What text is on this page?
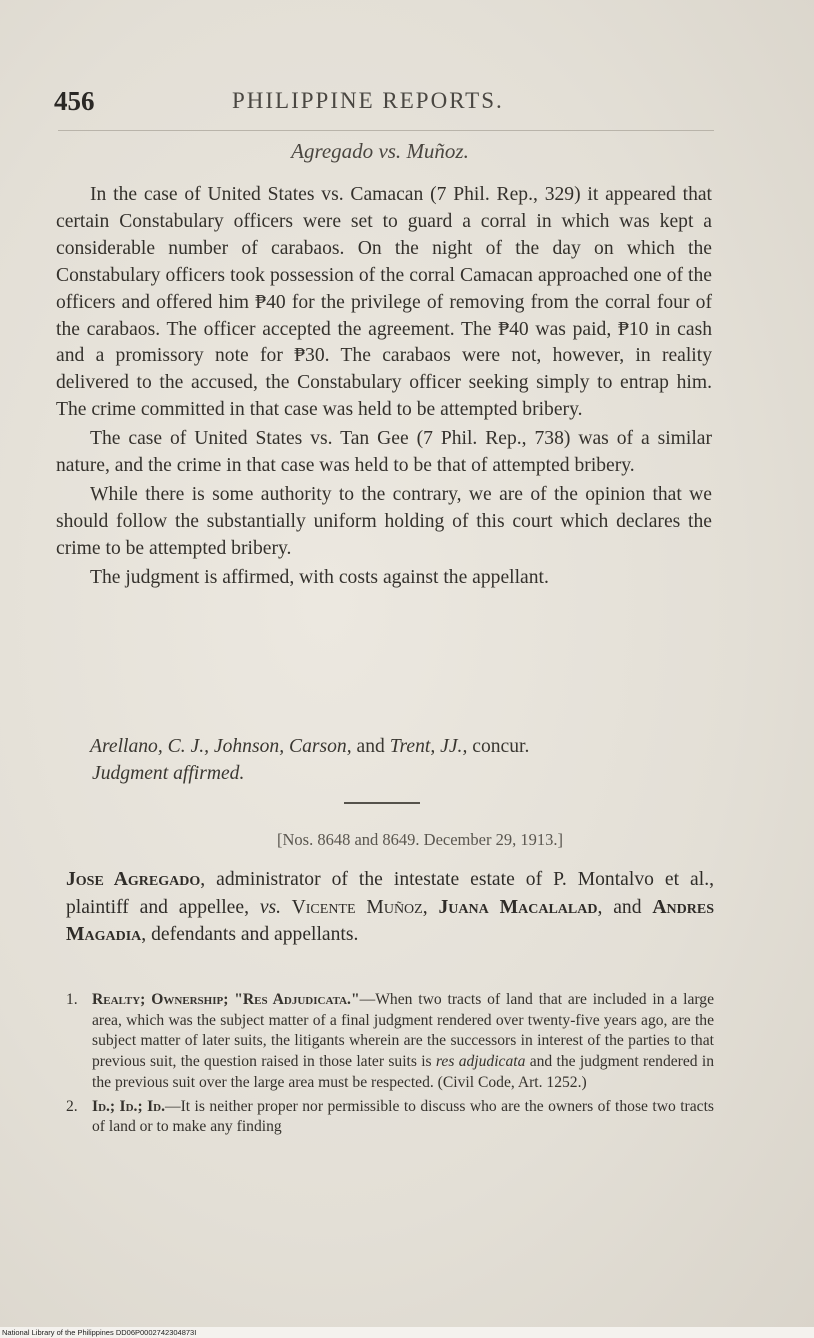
456	PHILIPPINE REPORTS.
Agregado vs. Muñoz.

In the case of United States vs. Camacan (7 Phil. Rep., 329) it appeared that certain Constabulary officers were set to guard a corral in which was kept a considerable number of carabaos. On the night of the day on which the Constabulary officers took possession of the corral Camacan approached one of the officers and offered him ₱40 for the privilege of removing from the corral four of the carabaos. The officer accepted the agreement. The ₱40 was paid, ₱10 in cash and a promissory note for ₱30. The carabaos were not, however, in reality delivered to the accused, the Constabulary officer seeking simply to entrap him. The crime committed in that case was held to be attempted bribery.

The case of United States vs. Tan Gee (7 Phil. Rep., 738) was of a similar nature, and the crime in that case was held to be that of attempted bribery.

While there is some authority to the contrary, we are of the opinion that we should follow the substantially uniform holding of this court which declares the crime to be attempted bribery.

The judgment is affirmed, with costs against the appellant.

Arellano, C. J., Johnson, Carson, and Trent, JJ., concur.
Judgment affirmed.
[Nos. 8648 and 8649. December 29, 1913.]
Jose Agregado, administrator of the intestate estate of P. Montalvo et al., plaintiff and appellee, vs. Vicente Muñoz, Juana Macalalad, and Andres Magadia, defendants and appellants.
1. Realty; Ownership; "Res Adjudicata."—When two tracts of land that are included in a large area, which was the subject matter of a final judgment rendered over twenty-five years ago, are the subject matter of later suits, the litigants wherein are the successors in interest of the parties to that previous suit, the question raised in those later suits is res adjudicata and the judgment rendered in the previous suit over the large area must be respected. (Civil Code, Art. 1252.)
2. Id.; Id.; Id.—It is neither proper nor permissible to discuss who are the owners of those two tracts of land or to make any finding
National Library of the Philippines DD06P0002742304873I
